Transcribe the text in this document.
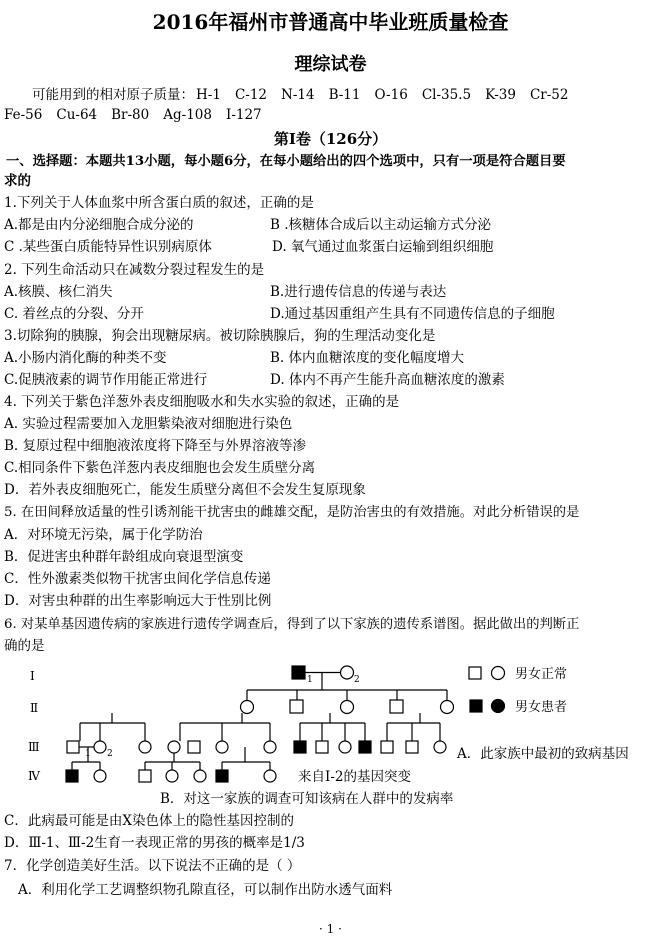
2016年福州市普通高中毕业班质量检查
理综试卷
可能用到的相对原子质量： H-1 C-12 N-14 B-11 O-16 Cl-35.5 K-39 Cr-52
Fe-56 Cu-64 Br-80 Ag-108 I-127
第Ⅰ卷（126分）
一、选择题：本题共13小题，每小题6分，在每小题给出的四个选项中，只有一项是符合题目要
求的
1.下列关于人体血浆中所含蛋白质的叙述，正确的是
A.都是由内分泌细胞合成分泌的	B .核糖体合成后以主动运输方式分泌
C .某些蛋白质能特异性识别病原体	D. 氧气通过血浆蛋白运输到组织细胞
2. 下列生命活动只在减数分裂过程发生的是
A.核膜、核仁消失	B.进行遗传信息的传递与表达
C. 着丝点的分裂、分开	D.通过基因重组产生具有不同遗传信息的子细胞
3.切除狗的胰腺，狗会出现糖尿病。被切除胰腺后，狗的生理活动变化是
A.小肠内消化酶的种类不变	B. 体内血糖浓度的变化幅度增大
C.促胰液素的调节作用能正常进行	D. 体内不再产生能升高血糖浓度的激素
4. 下列关于紫色洋葱外表皮细胞吸水和失水实验的叙述，正确的是
A. 实验过程需要加入龙胆紫染液对细胞进行染色
B. 复原过程中细胞液浓度将下降至与外界溶液等渗
C.相同条件下紫色洋葱内表皮细胞也会发生质壁分离
D．若外表皮细胞死亡，能发生质壁分离但不会发生复原现象
5. 在田间释放适量的性引诱剂能干扰害虫的雌雄交配，是防治害虫的有效措施。对此分析错误的是
A．对环境无污染，属于化学防治
B．促进害虫种群年龄组成向衰退型演变
C．性外激素类似物干扰害虫间化学信息传递
D．对害虫种群的出生率影响远大于性别比例
6. 对某单基因遗传病的家族进行遗传学调查后，得到了以下家族的遗传系谱图。据此做出的判断正
确的是
Ⅰ
Ⅱ
Ⅲ
Ⅳ
1	2
1 2
男女正常
男女患者
A．此家族中最初的致病基因
来自Ⅰ-2的基因突变
B．对这一家族的调查可知该病在人群中的发病率
C．此病最可能是由X染色体上的隐性基因控制的
D．Ⅲ-1、Ⅲ-2生育一表现正常的男孩的概率是1/3
7．化学创造美好生活。以下说法不正确的是（ ）
A．利用化学工艺调整织物孔隙直径，可以制作出防水透气面料
· 1 ·
